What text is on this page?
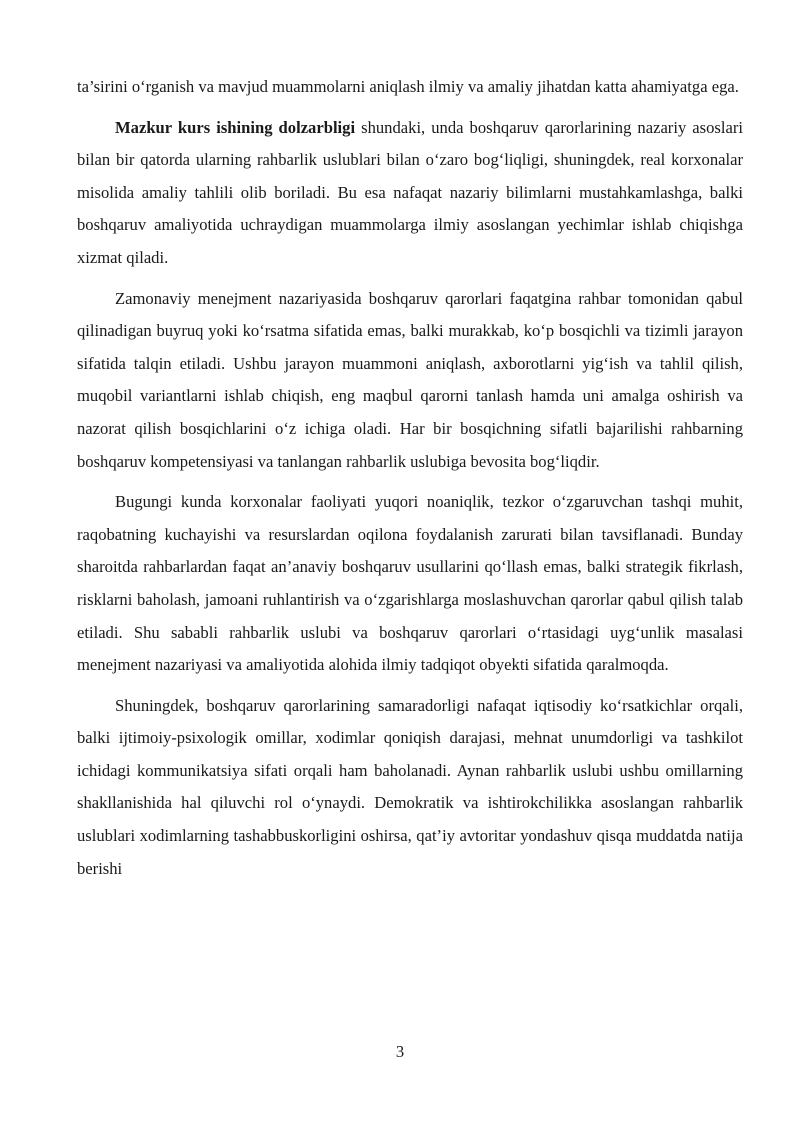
ta’sirini o‘rganish va mavjud muammolarni aniqlash ilmiy va amaliy jihatdan katta ahamiyatga ega.

Mazkur kurs ishining dolzarbligi shundaki, unda boshqaruv qarorlarining nazariy asoslari bilan bir qatorda ularning rahbarlik uslublari bilan o‘zaro bog‘liqligi, shuningdek, real korxonalar misolida amaliy tahlili olib boriladi. Bu esa nafaqat nazariy bilimlarni mustahkamlashga, balki boshqaruv amaliyotida uchraydigan muammolarga ilmiy asoslangan yechimlar ishlab chiqishga xizmat qiladi.

Zamonaviy menejment nazariyasida boshqaruv qarorlari faqatgina rahbar tomonidan qabul qilinadigan buyruq yoki ko‘rsatma sifatida emas, balki murakkab, ko‘p bosqichli va tizimli jarayon sifatida talqin etiladi. Ushbu jarayon muammoni aniqlash, axborotlarni yig‘ish va tahlil qilish, muqobil variantlarni ishlab chiqish, eng maqbul qarorni tanlash hamda uni amalga oshirish va nazorat qilish bosqichlarini o‘z ichiga oladi. Har bir bosqichning sifatli bajarilishi rahbarning boshqaruv kompetensiyasi va tanlangan rahbarlik uslubiga bevosita bog‘liqdir.

Bugungi kunda korxonalar faoliyati yuqori noaniqlik, tezkor o‘zgaruvchan tashqi muhit, raqobatning kuchayishi va resurslardan oqilona foydalanish zarurati bilan tavsiflanadi. Bunday sharoitda rahbarlardan faqat an’anaviy boshqaruv usullarini qo‘llash emas, balki strategik fikrlash, risklarni baholash, jamoani ruhlantirish va o‘zgarishlarga moslashuvchan qarorlar qabul qilish talab etiladi. Shu sababli rahbarlik uslubi va boshqaruv qarorlari o‘rtasidagi uyg‘unlik masalasi menejment nazariyasi va amaliyotida alohida ilmiy tadqiqot obyekti sifatida qaralmoqda.

Shuningdek, boshqaruv qarorlarining samaradorligi nafaqat iqtisodiy ko‘rsatkichlar orqali, balki ijtimoiy-psixologik omillar, xodimlar qoniqish darajasi, mehnat unumdorligi va tashkilot ichidagi kommunikatsiya sifati orqali ham baholanadi. Aynan rahbarlik uslubi ushbu omillarning shakllanishida hal qiluvchi rol o‘ynaydi. Demokratik va ishtirokchilikka asoslangan rahbarlik uslublari xodimlarning tashabbuskorligini oshirsa, qat’iy avtoritar yondashuv qisqa muddatda natija berishi

3
